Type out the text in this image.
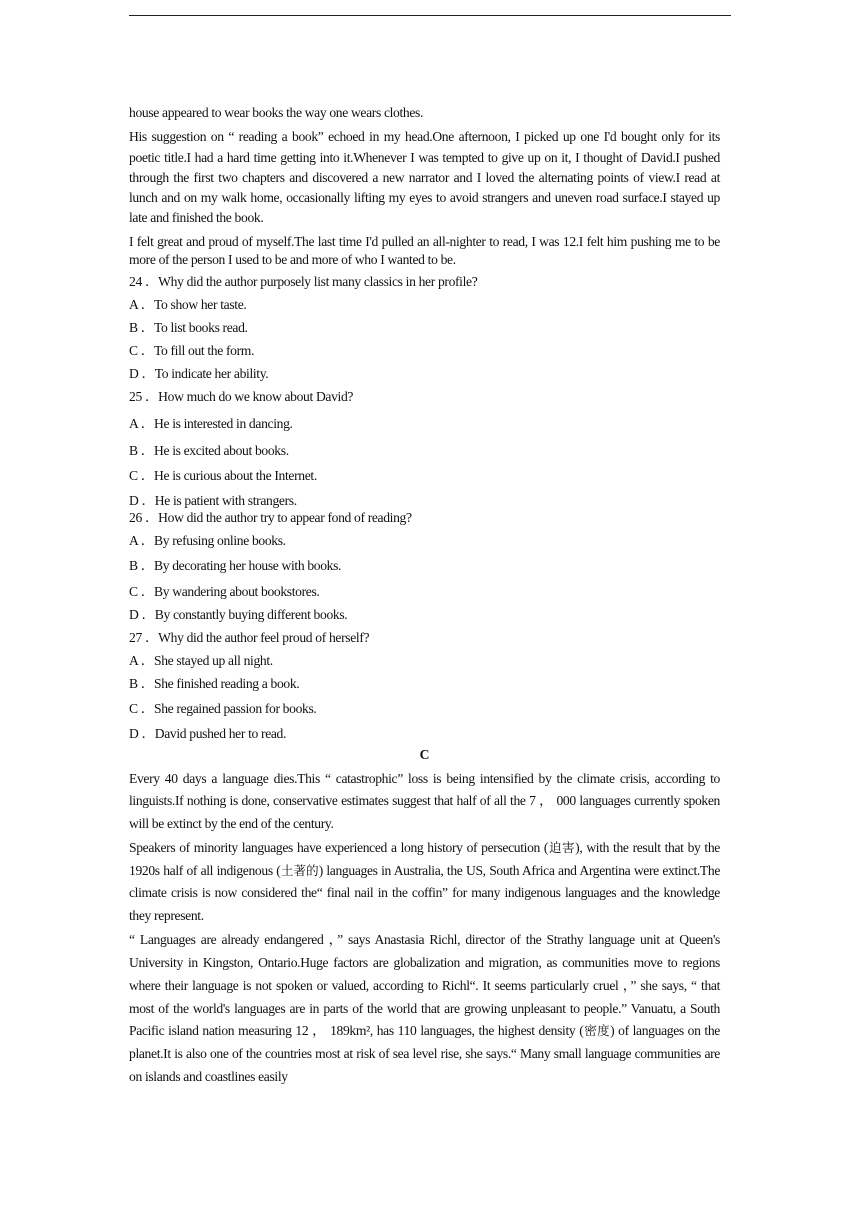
house appeared to wear books the way one wears clothes.

His suggestion on “ reading a book” echoed in my head.One afternoon, I picked up one I'd bought only for its poetic title.I had a hard time getting into it.Whenever I was tempted to give up on it, I thought of David.I pushed through the first two chapters and discovered a new narrator and I loved the alternating points of view.I read at lunch and on my walk home, occasionally lifting my eyes to avoid strangers and uneven road surface.I stayed up late and finished the book.

I felt great and proud of myself.The last time I'd pulled an all-nighter to read, I was 12.I felt him pushing me to be more of the person I used to be and more of who I wanted to be.

24 ．Why did the author purposely list many classics in her profile?
A ．To show her taste.
B ．To list books read.
C ．To fill out the form.
D ．To indicate her ability.
25 ．How much do we know about David?
A ．He is interested in dancing.
B ．He is excited about books.
C ．He is curious about the Internet.
D ．He is patient with strangers.
26 ．How did the author try to appear fond of reading?
A ．By refusing online books.
B ．By decorating her house with books.
C ．By wandering about bookstores.
D ．By constantly buying different books.
27 ．Why did the author feel proud of herself?
A ．She stayed up all night.
B ．She finished reading a book.
C ．She regained passion for books.
D ．David pushed her to read.
C

Every 40 days a language dies.This “ catastrophic” loss is being intensified by the climate crisis, according to linguists.If nothing is done, conservative estimates suggest that half of all the 7 ， 000 languages currently spoken will be extinct by the end of the century.

Speakers of minority languages have experienced a long history of persecution (迫害), with the result that by the 1920s half of all indigenous (土著的) languages in Australia, the US, South Africa and Argentina were extinct.The climate crisis is now considered the“ final nail in the coffin” for many indigenous languages and the knowledge they represent.

“ Languages are already endangered ，” says Anastasia Richl, director of the Strathy language unit at Queen's University in Kingston, Ontario.Huge factors are globalization and migration, as communities move to regions where their language is not spoken or valued, according to Richl“. It seems particularly cruel ，” she says, “ that most of the world's languages are in parts of the world that are growing unpleasant to people.” Vanuatu, a South Pacific island nation measuring 12 ， 189km², has 110 languages, the highest density (密度) of languages on the planet.It is also one of the countries most at risk of sea level rise, she says.“ Many small language communities are on islands and coastlines easily
